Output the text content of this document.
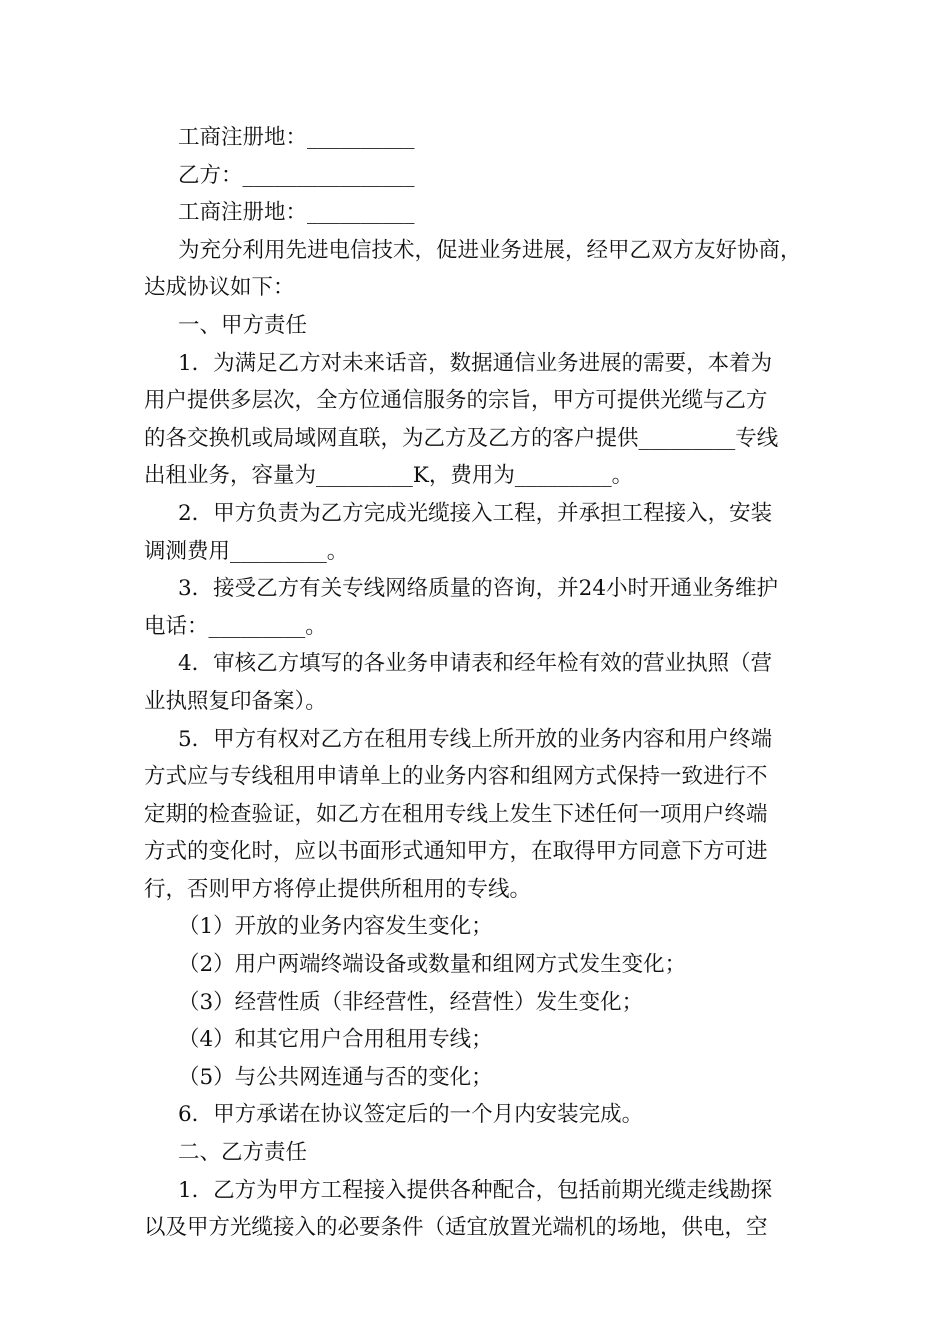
工商注册地：__________
乙方：________________
工商注册地：__________
为充分利用先进电信技术，促进业务进展，经甲乙双方友好协商，
达成协议如下：
一、甲方责任
1．为满足乙方对未来话音，数据通信业务进展的需要，本着为
用户提供多层次，全方位通信服务的宗旨，甲方可提供光缆与乙方
的各交换机或局域网直联，为乙方及乙方的客户提供_________专线
出租业务，容量为_________K，费用为_________。
2．甲方负责为乙方完成光缆接入工程，并承担工程接入，安装
调测费用_________。
3．接受乙方有关专线网络质量的咨询，并24小时开通业务维护
电话：_________。
4．审核乙方填写的各业务申请表和经年检有效的营业执照（营
业执照复印备案）。
5．甲方有权对乙方在租用专线上所开放的业务内容和用户终端
方式应与专线租用申请单上的业务内容和组网方式保持一致进行不
定期的检查验证，如乙方在租用专线上发生下述任何一项用户终端
方式的变化时，应以书面形式通知甲方，在取得甲方同意下方可进
行，否则甲方将停止提供所租用的专线。
（1）开放的业务内容发生变化；
（2）用户两端终端设备或数量和组网方式发生变化；
（3）经营性质（非经营性，经营性）发生变化；
（4）和其它用户合用租用专线；
（5）与公共网连通与否的变化；
6．甲方承诺在协议签定后的一个月内安装完成。
二、乙方责任
1．乙方为甲方工程接入提供各种配合，包括前期光缆走线勘探
以及甲方光缆接入的必要条件（适宜放置光端机的场地，供电，空
